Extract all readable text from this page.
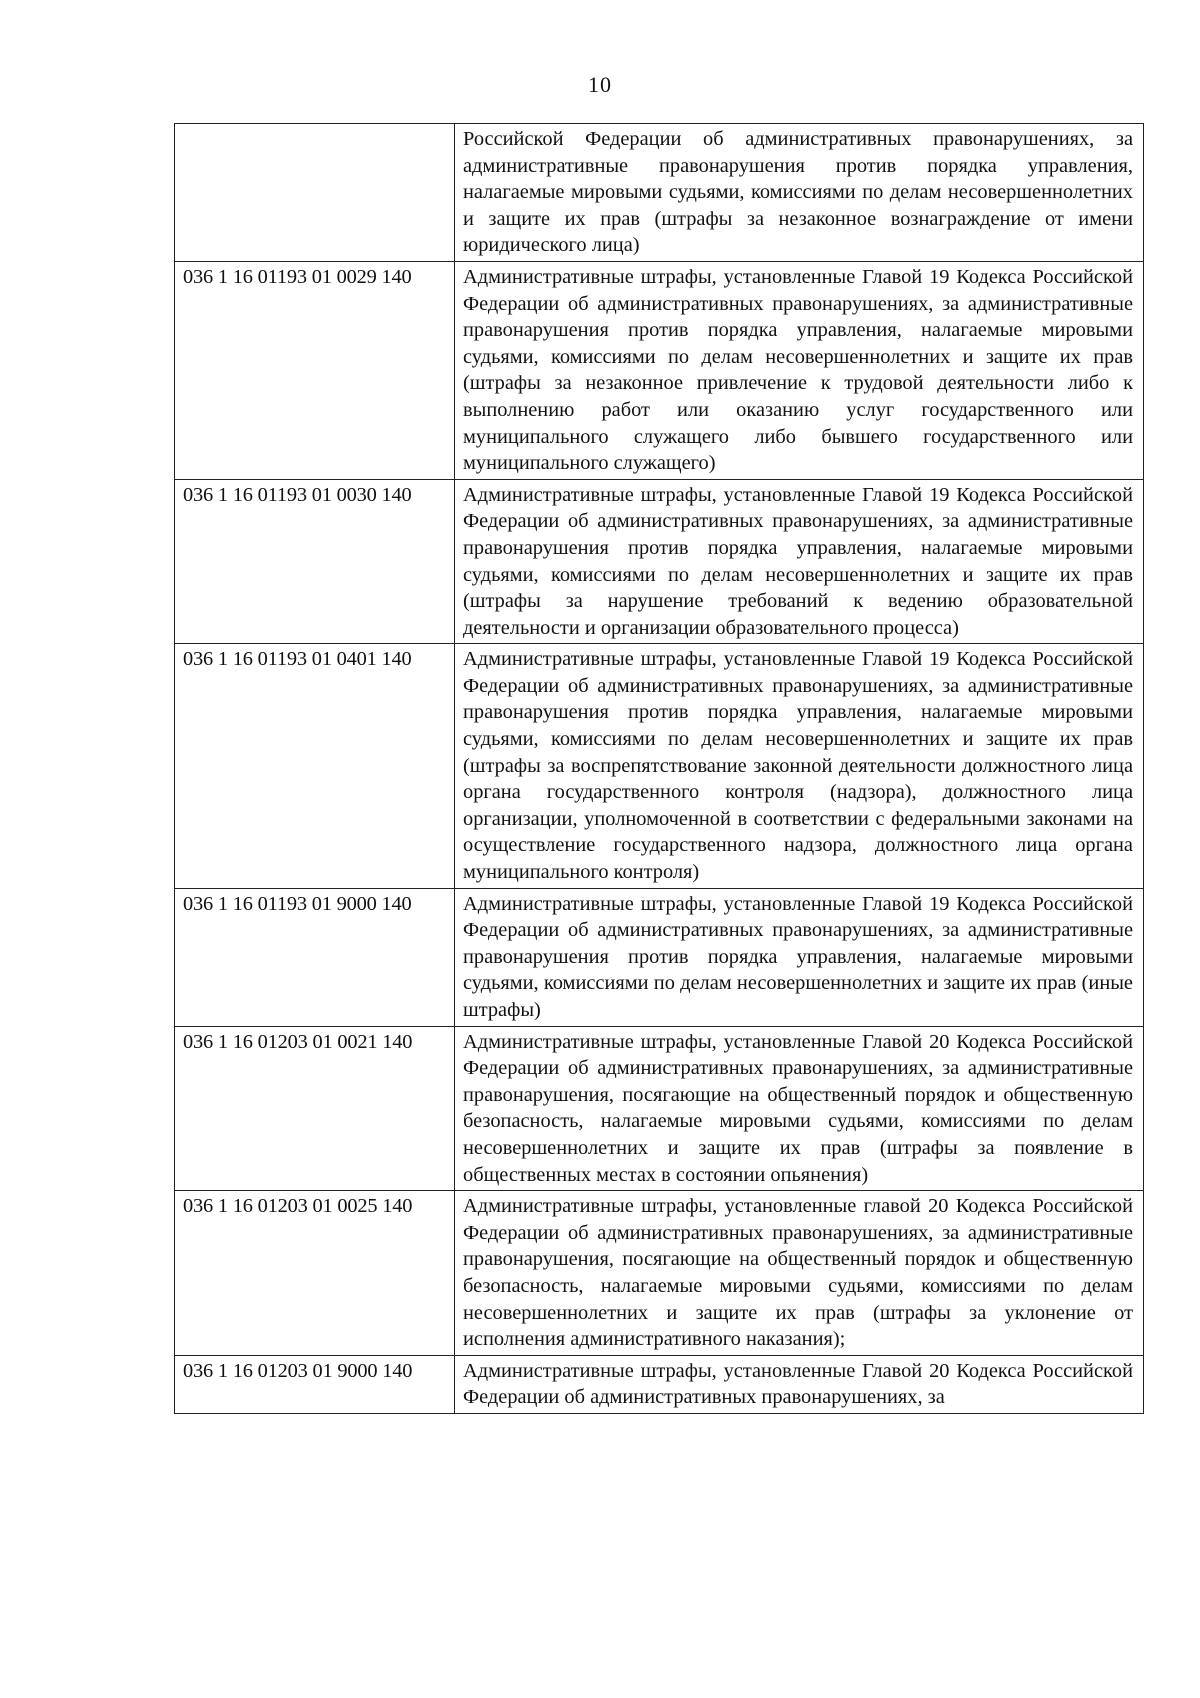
10
	Российской Федерации об административных правонарушениях, за административные правонарушения против порядка управления, налагаемые мировыми судьями, комиссиями по делам несовершеннолетних и защите их прав (штрафы за незаконное вознаграждение от имени юридического лица)
036 1 16 01193 01 0029 140	Административные штрафы, установленные Главой 19 Кодекса Российской Федерации об административных правонарушениях, за административные правонарушения против порядка управления, налагаемые мировыми судьями, комиссиями по делам несовершеннолетних и защите их прав (штрафы за незаконное привлечение к трудовой деятельности либо к выполнению работ или оказанию услуг государственного или муниципального служащего либо бывшего государственного или муниципального служащего)
036 1 16 01193 01 0030 140	Административные штрафы, установленные Главой 19 Кодекса Российской Федерации об административных правонарушениях, за административные правонарушения против порядка управления, налагаемые мировыми судьями, комиссиями по делам несовершеннолетних и защите их прав (штрафы за нарушение требований к ведению образовательной деятельности и организации образовательного процесса)
036 1 16 01193 01 0401 140	Административные штрафы, установленные Главой 19 Кодекса Российской Федерации об административных правонарушениях, за административные правонарушения против порядка управления, налагаемые мировыми судьями, комиссиями по делам несовершеннолетних и защите их прав (штрафы за воспрепятствование законной деятельности должностного лица органа государственного контроля (надзора), должностного лица организации, уполномоченной в соответствии с федеральными законами на осуществление государственного надзора, должностного лица органа муниципального контроля)
036 1 16 01193 01 9000 140	Административные штрафы, установленные Главой 19 Кодекса Российской Федерации об административных правонарушениях, за административные правонарушения против порядка управления, налагаемые мировыми судьями, комиссиями по делам несовершеннолетних и защите их прав (иные штрафы)
036 1 16 01203 01 0021 140	Административные штрафы, установленные Главой 20 Кодекса Российской Федерации об административных правонарушениях, за административные правонарушения, посягающие на общественный порядок и общественную безопасность, налагаемые мировыми судьями, комиссиями по делам несовершеннолетних и защите их прав (штрафы за появление в общественных местах в состоянии опьянения)
036 1 16 01203 01 0025 140	Административные штрафы, установленные главой 20 Кодекса Российской Федерации об административных правонарушениях, за административные правонарушения, посягающие на общественный порядок и общественную безопасность, налагаемые мировыми судьями, комиссиями по делам несовершеннолетних и защите их прав (штрафы за уклонение от исполнения административного наказания);
036 1 16 01203 01 9000 140	Административные штрафы, установленные Главой 20 Кодекса Российской Федерации об административных правонарушениях, за
